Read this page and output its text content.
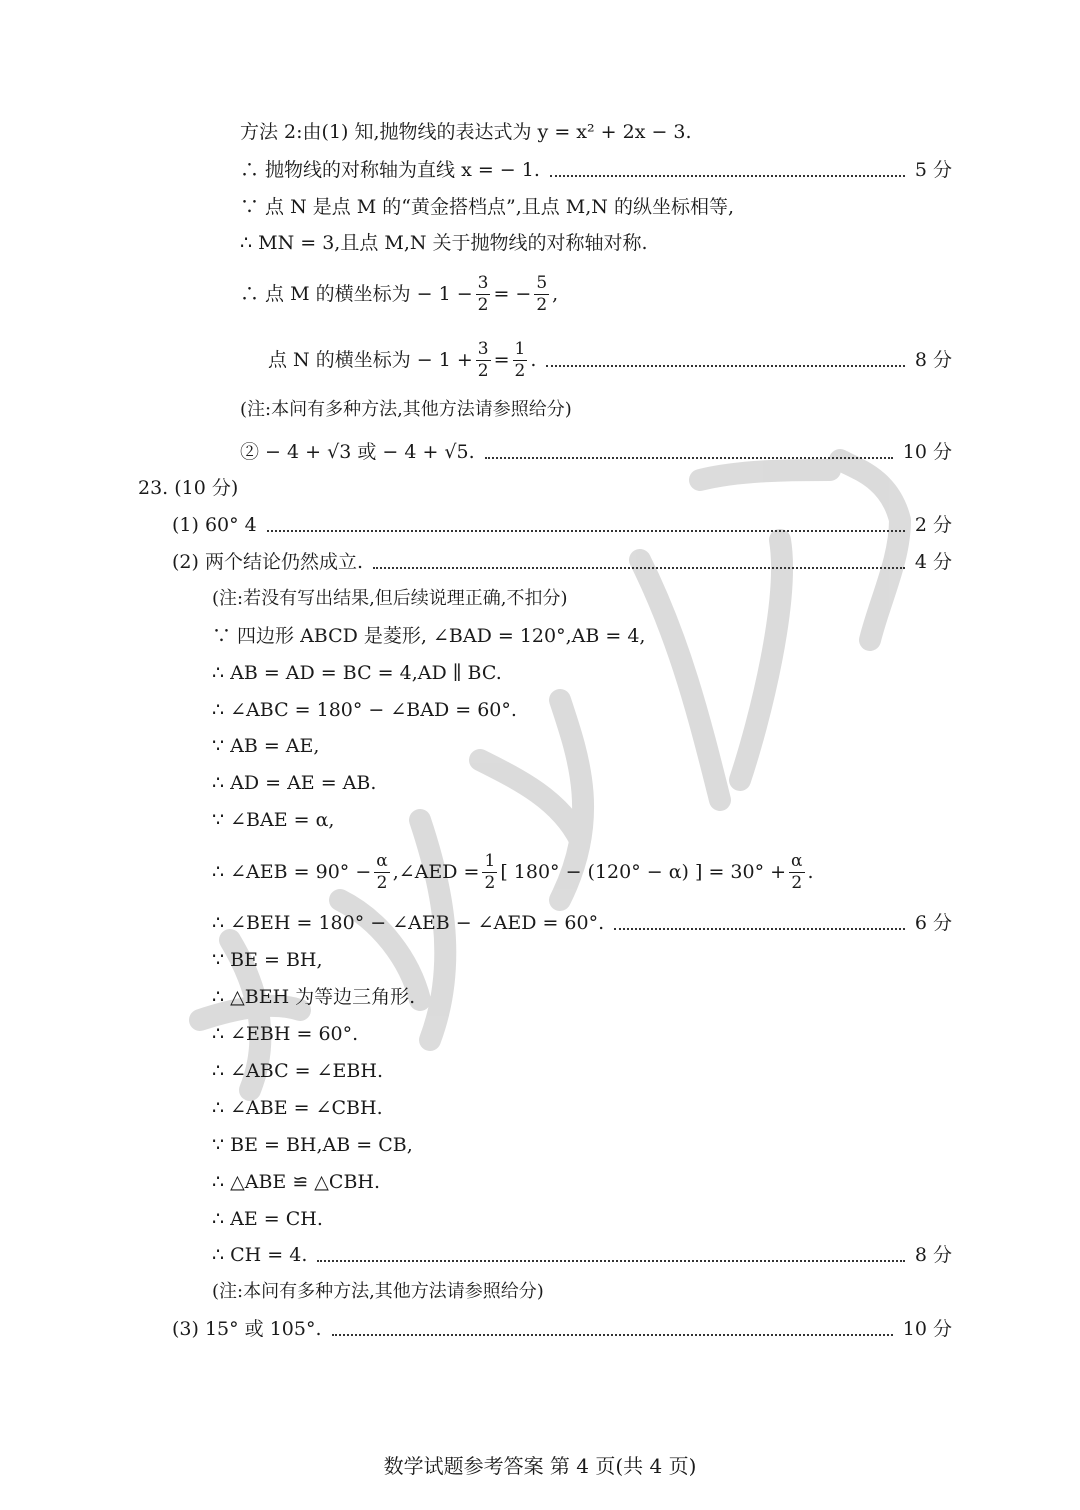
方法 2:由(1) 知,抛物线的表达式为 y = x² + 2x − 3.
∴ 抛物线的对称轴为直线 x = − 1.	5 分
∵ 点 N 是点 M 的“黄金搭档点”,且点 M,N 的纵坐标相等,
∴ MN = 3,且点 M,N 关于抛物线的对称轴对称.
∴ 点 M 的横坐标为 − $1 - \frac{3}{2}$ = − $\frac{5}{2}$ ,
点 N 的横坐标为 − $1 + \frac{3}{2} = \frac{1}{2}$ .	8 分
(注:本问有多种方法,其他方法请参照给分)
② − 4 + √3 或 − 4 + √5.	10 分
23. (10 分)
(1) 60° 4	2 分
(2) 两个结论仍然成立.	4 分
(注:若没有写出结果,但后续说理正确,不扣分)
∵ 四边形 ABCD 是菱形, ∠BAD = 120°,AB = 4,
∴ AB = AD = BC = 4,AD ∥ BC.
∴ ∠ABC = 180° − ∠BAD = 60°.
∵ AB = AE,
∴ AD = AE = AB.
∵ ∠BAE = α,
∴ ∠AEB = $90^\circ - \frac{\alpha}{2}$ ,∠AED = $\frac{1}{2}$ [ 180° − (120° − α) ] = $30^\circ + \frac{\alpha}{2}$ .
∴ ∠BEH = 180° − ∠AEB − ∠AED = 60°.	6 分
∵ BE = BH,
∴ △BEH 为等边三角形.
∴ ∠EBH = 60°.
∴ ∠ABC = ∠EBH.
∴ ∠ABE = ∠CBH.
∵ BE = BH,AB = CB,
∴ △ABE ≌ △CBH.
∴ AE = CH.
∴ CH = 4.	8 分
(注:本问有多种方法,其他方法请参照给分)
(3) 15° 或 105°.	10 分
数学试题参考答案 第 4 页(共 4 页)
